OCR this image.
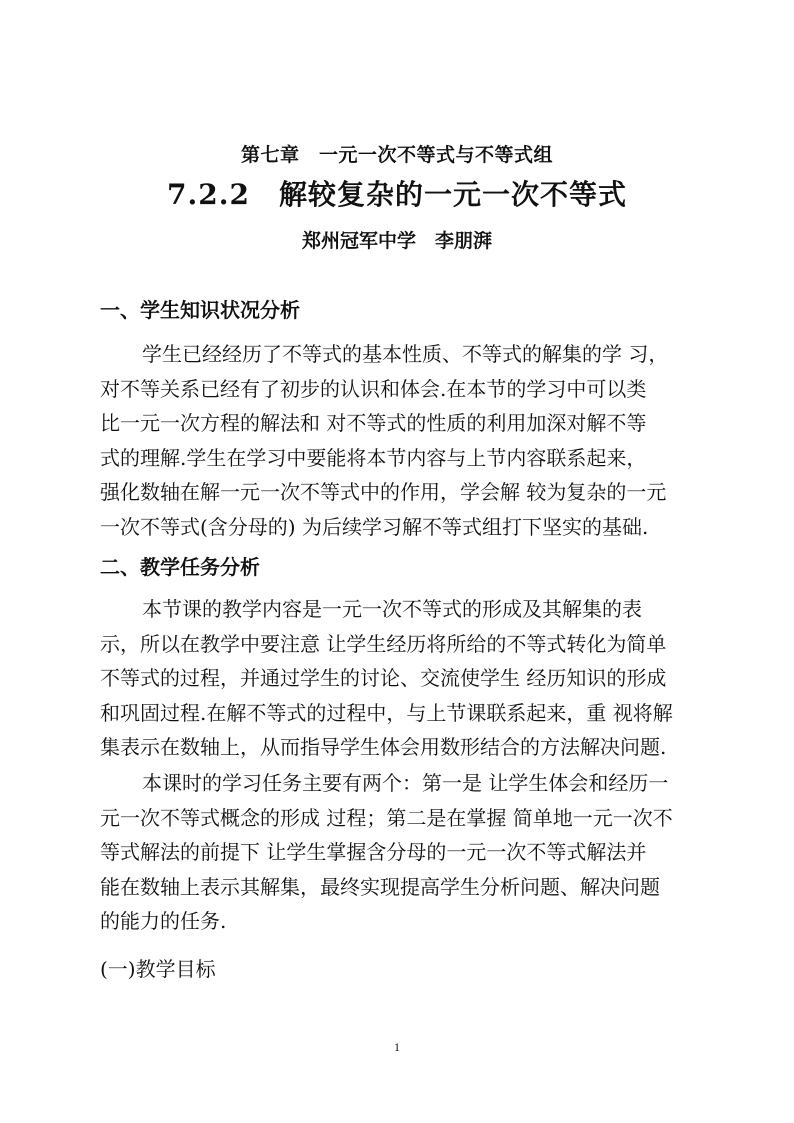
第七章　一元一次不等式与不等式组
7.2.2　解较复杂的一元一次不等式
郑州冠军中学　李朋湃
一、学生知识状况分析
学生已经经历了不等式的基本性质、不等式的解集的学 习，
对不等关系已经有了初步的认识和体会.在本节的学习中可以类
比一元一次方程的解法和 对不等式的性质的利用加深对解不等
式的理解.学生在学习中要能将本节内容与上节内容联系起来，
强化数轴在解一元一次不等式中的作用，学会解 较为复杂的一元
一次不等式(含分母的) 为后续学习解不等式组打下坚实的基础.
二、教学任务分析
本节课的教学内容是一元一次不等式的形成及其解集的表
示，所以在教学中要注意 让学生经历将所给的不等式转化为简单
不等式的过程，并通过学生的讨论、交流使学生 经历知识的形成
和巩固过程.在解不等式的过程中，与上节课联系起来，重 视将解
集表示在数轴上，从而指导学生体会用数形结合的方法解决问题.
本课时的学习任务主要有两个：第一是 让学生体会和经历一
元一次不等式概念的形成 过程；第二是在掌握 简单地一元一次不
等式解法的前提下 让学生掌握含分母的一元一次不等式解法并
能在数轴上表示其解集，最终实现提高学生分析问题、解决问题
的能力的任务.
(一)教学目标
1
